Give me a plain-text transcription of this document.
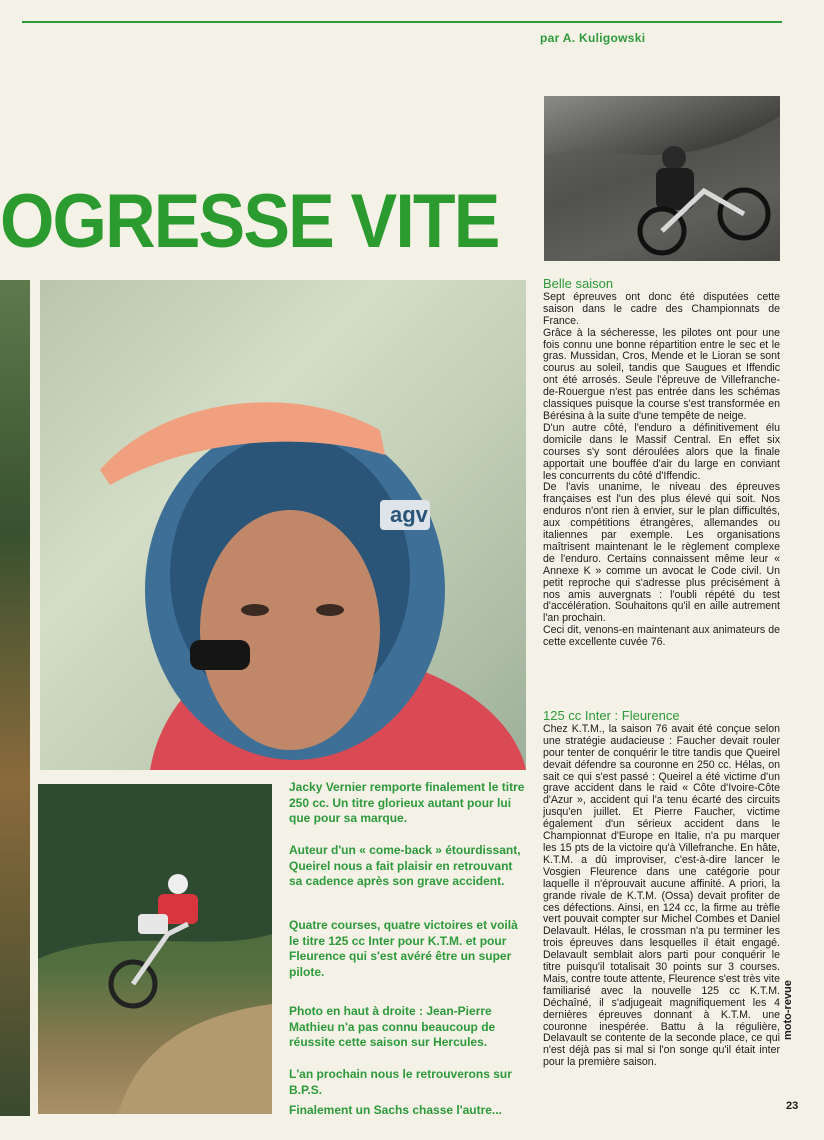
par A. Kuligowski
OGRESSE VITE
agv
Jacky Vernier remporte finalement le titre 250 cc. Un titre glorieux autant pour lui que pour sa marque.
Auteur d'un « come-back » étourdissant, Queirel nous a fait plaisir en retrouvant sa cadence après son grave accident.
Quatre courses, quatre victoires et voilà le titre 125 cc Inter pour K.T.M. et pour Fleurence qui s'est avéré être un super pilote.
Photo en haut à droite : Jean-Pierre Mathieu n'a pas connu beaucoup de réussite cette saison sur Hercules.
L'an prochain nous le retrouverons sur B.P.S.
Finalement un Sachs chasse l'autre...
Belle saison

Sept épreuves ont donc été disputées cette saison dans le cadre des Championnats de France.

Grâce à la sécheresse, les pilotes ont pour une fois connu une bonne répartition entre le sec et le gras. Mussidan, Cros, Mende et le Lioran se sont courus au soleil, tandis que Saugues et Iffendic ont été arrosés. Seule l'épreuve de Villefranche-de-Rouergue n'est pas entrée dans les schémas classiques puisque la course s'est transformée en Bérésina à la suite d'une tempête de neige.

D'un autre côté, l'enduro a définitivement élu domicile dans le Massif Central. En effet six courses s'y sont déroulées alors que la finale apportait une bouffée d'air du large en conviant les concurrents du côté d'Iffendic.

De l'avis unanime, le niveau des épreuves françaises est l'un des plus élevé qui soit. Nos enduros n'ont rien à envier, sur le plan difficultés, aux compétitions étrangères, allemandes ou italiennes par exemple. Les organisations maîtrisent maintenant le le règlement complexe de l'enduro. Certains connaissent même leur « Annexe K » comme un avocat le Code civil. Un petit reproche qui s'adresse plus précisément à nos amis auvergnats : l'oubli répété du test d'accélération. Souhaitons qu'il en aille autrement l'an prochain.

Ceci dit, venons-en maintenant aux animateurs de cette excellente cuvée 76.

125 cc Inter : Fleurence

Chez K.T.M., la saison 76 avait été conçue selon une stratégie audacieuse : Faucher devait rouler pour tenter de conquérir le titre tandis que Queirel devait défendre sa couronne en 250 cc. Hélas, on sait ce qui s'est passé : Queirel a été victime d'un grave accident dans le raid « Côte d'Ivoire-Côte d'Azur », accident qui l'a tenu écarté des circuits jusqu'en juillet. Et Pierre Faucher, victime également d'un sérieux accident dans le Championnat d'Europe en Italie, n'a pu marquer les 15 pts de la victoire qu'à Villefranche. En hâte, K.T.M. a dû improviser, c'est-à-dire lancer le Vosgien Fleurence dans une catégorie pour laquelle il n'éprouvait aucune affinité. A priori, la grande rivale de K.T.M. (Ossa) devait profiter de ces défections. Ainsi, en 124 cc, la firme au trèfle vert pouvait compter sur Michel Combes et Daniel Delavault. Hélas, le crossman n'a pu terminer les trois épreuves dans lesquelles il était engagé. Delavault semblait alors parti pour conquérir le titre puisqu'il totalisait 30 points sur 3 courses. Mais, contre toute attente, Fleurence s'est très vite familiarisé avec la nouvelle 125 cc K.T.M. Déchaîné, il s'adjugeait magnifiquement les 4 dernières épreuves donnant à K.T.M. une couronne inespérée. Battu à la régulière, Delavault se contente de la seconde place, ce qui n'est déjà pas si mal si l'on songe qu'il était inter pour la première saison.

moto-revue
23
